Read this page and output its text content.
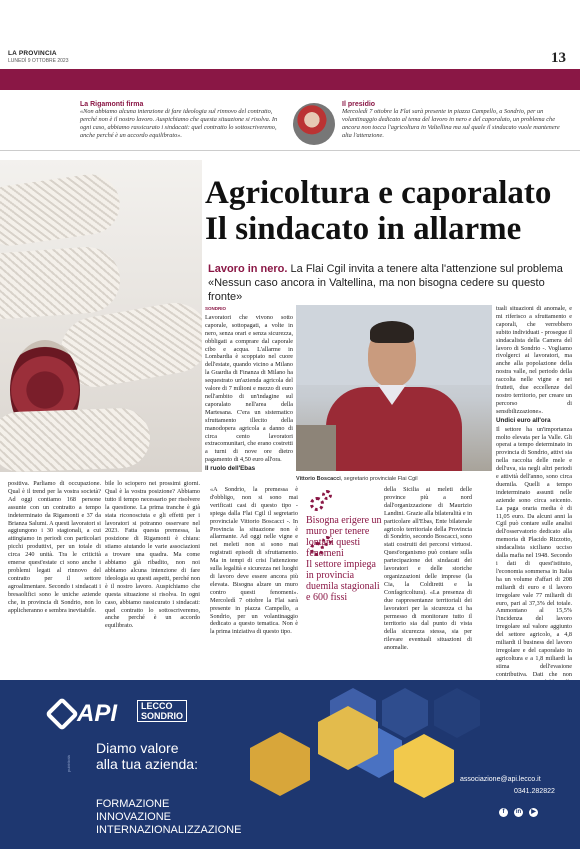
LA PROVINCIA
LUNEDÌ 9 OTTOBRE 2023	13
La Rigamonti firma
«Non abbiamo alcuna intenzione di fare ideologia sul rinnovo del contratto, perché non è il nostro lavoro. Auspichiamo che questa situazione si risolva. In ogni caso, abbiamo rassicurato i sindacati: quel contratto lo sottoscriveremo, anche perché è un accordo equilibrato».
Il presidio
Mercoledì 7 ottobre la Flai sarà presente in piazza Campello, a Sondrio, per un volantinaggio dedicato al tema del lavoro in nero e del caporalato, un problema che ancora non tocca l'agricoltura in Valtellina ma sul quale il sindacato vuole mantenere alta l'attenzione.
Agricoltura e caporalato
Il sindacato in allarme
Lavoro in nero. La Flai Cgil invita a tenere alta l'attenzione sul problema «Nessun caso ancora in Valtellina, ma non bisogna cedere su questo fronte»

SONDRIO

Lavoratori che vivono sotto caporale, sottopagati, a volte in nero, senza orari e senza sicurezza, obbligati a comprare dal caporale cibo e acqua. L'allarme in Lombardia è scoppiato nel cuore dell'estate, quando vicino a Milano la Guardia di Finanza di Milano ha sequestrato un'azienda agricola del valore di 7 milioni e mezzo di euro nell'ambito di un'indagine sul caporalato nell'area della Martesana. C'era un sistematico sfruttamento illecito della manodopera agricola a danno di circa cento lavoratori extracomunitari, che erano costretti a turni di nove ore dietro pagamento di 4,50 euro all'ora.

Il ruolo dell'Ebas

Vittorio Boscacci, segretario provinciale Flai Cgil

«A Sondrio, la premessa è d'obbligo, non si sono mai verificati casi di questo tipo - spiega dalla Flai Cgil il segretario provinciale Vittorio Boscacci -. In Provincia la situazione non è allarmante. Ad oggi nelle vigne e nei meleti non si sono mai registrati episodi di sfruttamento. Ma in tempi di crisi l'attenzione sulla legalità e sicurezza nei luoghi di lavoro deve essere ancora più elevata. Bisogna alzare un muro contro questi fenomeni». Mercoledì 7 ottobre la Flai sarà presente in piazza Campello, a Sondrio, per un volantinaggio dedicato a questo tematica. Non è la prima iniziativa di questo tipo.

Bisogna erigere un muro per tenere lontani questi fenomeni
Il settore impiega in provincia duemila stagionali e 600 fissi

della Sicilia ai meleti delle province più a nord dall'organizzazione di Maurizio Landini. Grazie alla bilateralità e in particolare all'Ebas, Ente bilaterale agricolo territoriale della Provincia di Sondrio, secondo Boscacci, sono stati costruiti dei percorsi virtuosi. Quest'organismo può contare sulla partecipazione dei sindacati dei lavoratori e delle storiche organizzazioni delle imprese (la Cia, la Coldiretti e la Confagricoltura). «La presenza di due rappresentanze territoriali dei lavoratori per la sicurezza ci ha permesso di monitorare tutto il territorio sia dal punto di vista della sicurezza stessa, sia per rilevare eventuali situazioni di anomalie.

tuali situazioni di anomale, e mi riferisco a sfruttamento e caporali, che verrebbero subito individuati - prosegue il sindacalista della Camera del lavoro di Sondrio -. Vogliamo rivolgerci ai lavoratori, ma anche alla popolazione della nostra valle, nel periodo della raccolta nelle vigne e nei frutteti, due eccellenze del nostro territorio, per creare un percorso di sensibilizzazione».

Undici euro all'ora

Il settore ha un'importanza molto elevata per la Valle. Gli operai a tempo determinato in provincia di Sondrio, attivi sia nella raccolta delle mele e dell'uva, sia negli altri periodi e attività dell'anno, sono circa duemila. Quelli a tempo indeterminato assunti nelle aziende sono circa seicento. La paga oraria media è di 11,05 euro. Da alcuni anni la Cgil può contare sulle analisi dell'osservatorio dedicato alla memoria di Placido Rizzotto, sindacalista siciliano ucciso dalla mafia nel 1948. Secondo i dati di quest'istituto, l'economia sommersa in Italia ha un volume d'affari di 208 miliardi di euro e il lavoro irregolare vale 77 miliardi di euro, pari al 37,3% del totale. Ammontano al 15,5% l'incidenza del lavoro irregolare sul valore aggiunto del settore agricolo, a 4,8 miliardi il business del lavoro irregolare e del caporalato in agricoltura e a 1,8 miliardi la stima dell'evasione contributiva. Dati che non

positiva. Parliamo di occupazione. Qual è il trend per la vostra società? Ad oggi contiamo 168 persone assunte con un contratto a tempo indeterminato da Rigamonti e 37 da Brianza Salumi. A questi lavoratori si aggiungono i 30 stagionali, a cui attingiamo in periodi con particolari picchi produttivi, per un totale di circa 240 unità. Tra le criticità emerse quest'estate ci sono anche i problemi legati al rinnovo del contratto per il settore agroalimentare. Secondo i sindacati i bresaolifici sono le uniche aziende che, in provincia di Sondrio, non lo applicheranno e sembra inevitabile.

bile lo sciopero nei prossimi giorni. Qual è la vostra posizione? Abbiamo tutto il tempo necessario per risolvere la questione. La prima tranche è già stata riconosciuta e gli effetti per i lavoratori si potranno osservare nel 2023. Fatta questa premessa, la posizione di Rigamonti è chiara: stiamo aiutando le varie associazioni a trovare una quadra. Ma come abbiamo già ribadito, non noi abbiamo alcuna intenzione di fare ideologia su questi aspetti, perché non è il nostro lavoro. Auspichiamo che questa situazione si risolva. In ogni caso, abbiamo rassicurato i sindacati: quel contratto lo sottoscriveremo, anche perché è un accordo equilibrato.

API	LECCO
SONDRIO
Diamo valore
alla tua azienda:
FORMAZIONE
INNOVAZIONE
INTERNAZIONALIZZAZIONE
pubblicità
associazione@api.lecco.it
0341.282822
f in ▶
